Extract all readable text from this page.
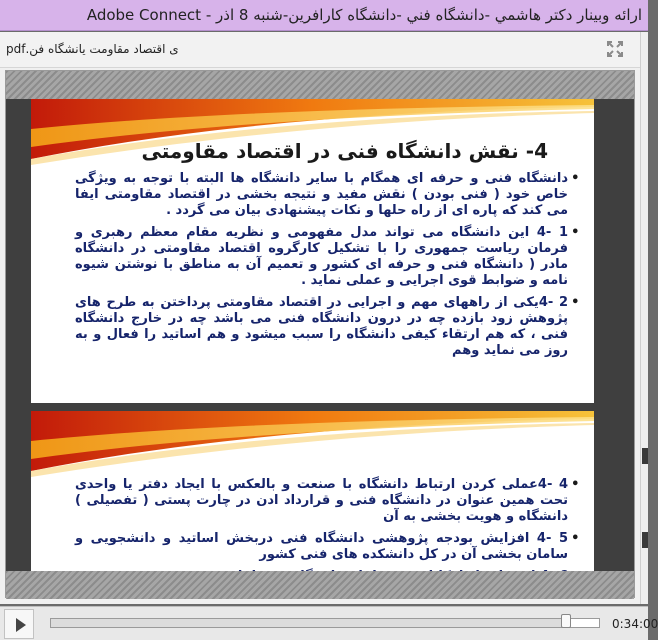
Adobe Connect - ارائه وبینار دکتر هاشمي -دانشگاه فني -دانشگاه کارافرين-شنبه 8 اذر
ی اقتصاد مقاومت یانشگاه فن.pdf
4- نقش دانشگاه فنی در اقتصاد مقاومتی
• دانشگاه فنی و حرفه ای همگام با سایر دانشگاه ها البته با توجه به ویژگی خاص خود ( فنی بودن ) نقش مفید و نتیجه بخشی در اقتصاد مقاومتی ایفا می کند که پاره ای از راه حلها و نکات پیشنهادی بیان می گردد .
• 1 -4 این دانشگاه می تواند مدل مفهومی و نظریه مقام معظم رهبری و فرمان ریاست جمهوری را با تشکیل کارگروه اقتصاد مقاومتی در دانشگاه مادر ( دانشگاه فنی و حرفه ای کشور و تعمیم آن به مناطق با نوشتن شیوه نامه و ضوابط قوی اجرایی و عملی نماید .
• 2 -4یکی از راههای مهم و اجرایی در اقتصاد مقاومتی پرداختن به طرح های پژوهش زود بازده چه در درون دانشگاه فنی می باشد چه در خارج دانشگاه فنی ، که هم ارتقاء کیفی دانشگاه را سبب میشود و هم اساتید را فعال و به روز می نماید وهم
• 4 -4عملی کردن ارتباط دانشگاه با صنعت و بالعکس با ایجاد دفتر یا واحدی تحت همین عنوان در دانشگاه فنی و قرارداد ادن در چارت پستی ( تفصیلی ) دانشگاه و هویت بخشی به آن
• 5 -4 افزایش بودجه پژوهشی دانشگاه فنی دربخش اساتید و دانشجویی و سامان بخشی آن در کل دانشکده های فنی کشور
•
0:34:00
